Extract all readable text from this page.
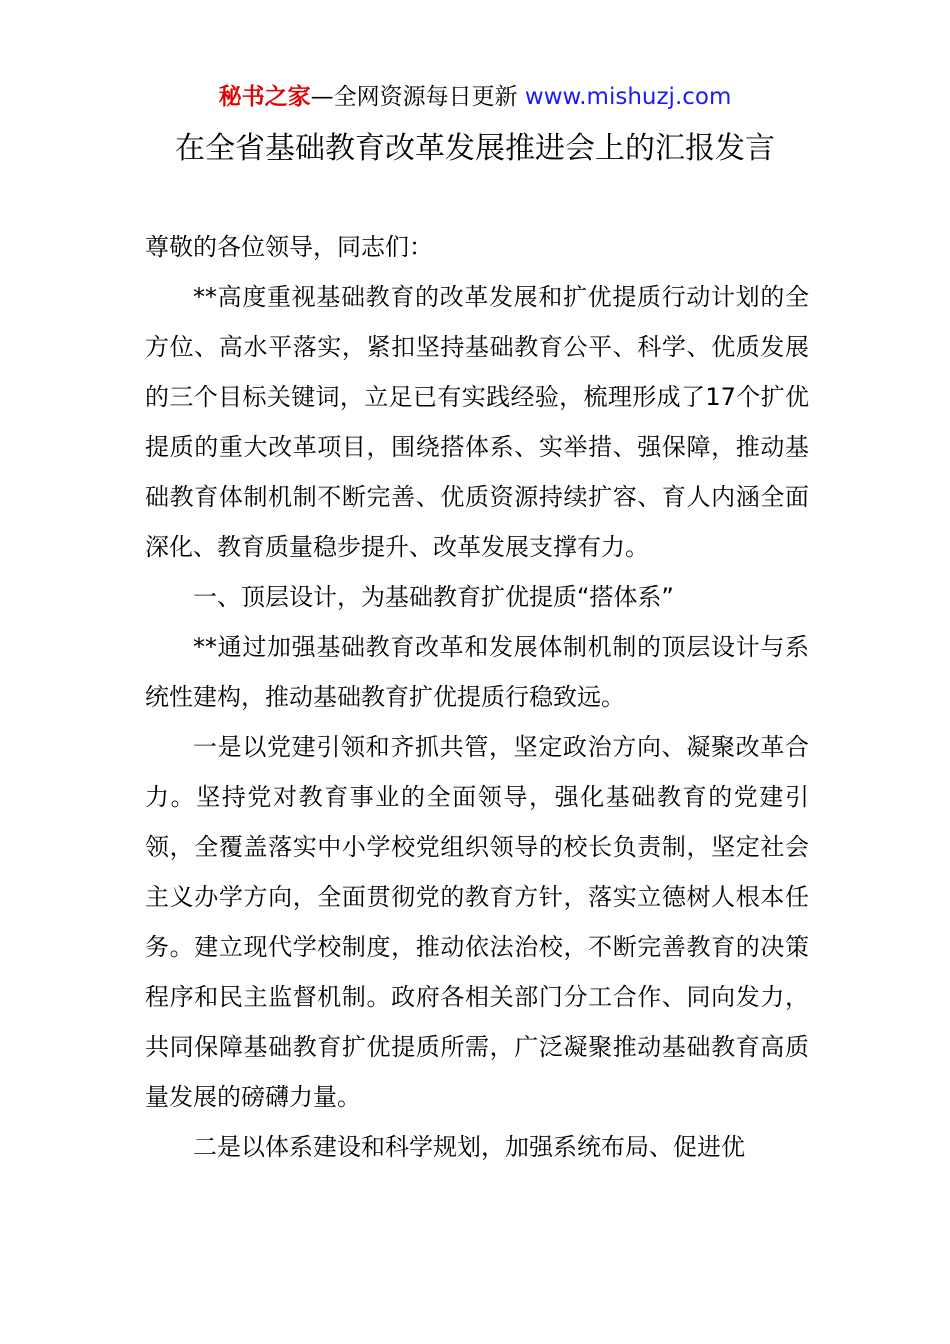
秘书之家—全网资源每日更新 www.mishuzj.com
在全省基础教育改革发展推进会上的汇报发言

尊敬的各位领导，同志们：

**高度重视基础教育的改革发展和扩优提质行动计划的全方位、高水平落实，紧扣坚持基础教育公平、科学、优质发展的三个目标关键词，立足已有实践经验，梳理形成了17个扩优提质的重大改革项目，围绕搭体系、实举措、强保障，推动基础教育体制机制不断完善、优质资源持续扩容、育人内涵全面深化、教育质量稳步提升、改革发展支撑有力。

一、顶层设计，为基础教育扩优提质“搭体系”

**通过加强基础教育改革和发展体制机制的顶层设计与系统性建构，推动基础教育扩优提质行稳致远。

一是以党建引领和齐抓共管，坚定政治方向、凝聚改革合力。坚持党对教育事业的全面领导，强化基础教育的党建引领，全覆盖落实中小学校党组织领导的校长负责制，坚定社会主义办学方向，全面贯彻党的教育方针，落实立德树人根本任务。建立现代学校制度，推动依法治校，不断完善教育的决策程序和民主监督机制。政府各相关部门分工合作、同向发力，共同保障基础教育扩优提质所需，广泛凝聚推动基础教育高质量发展的磅礴力量。

二是以体系建设和科学规划，加强系统布局、促进优
